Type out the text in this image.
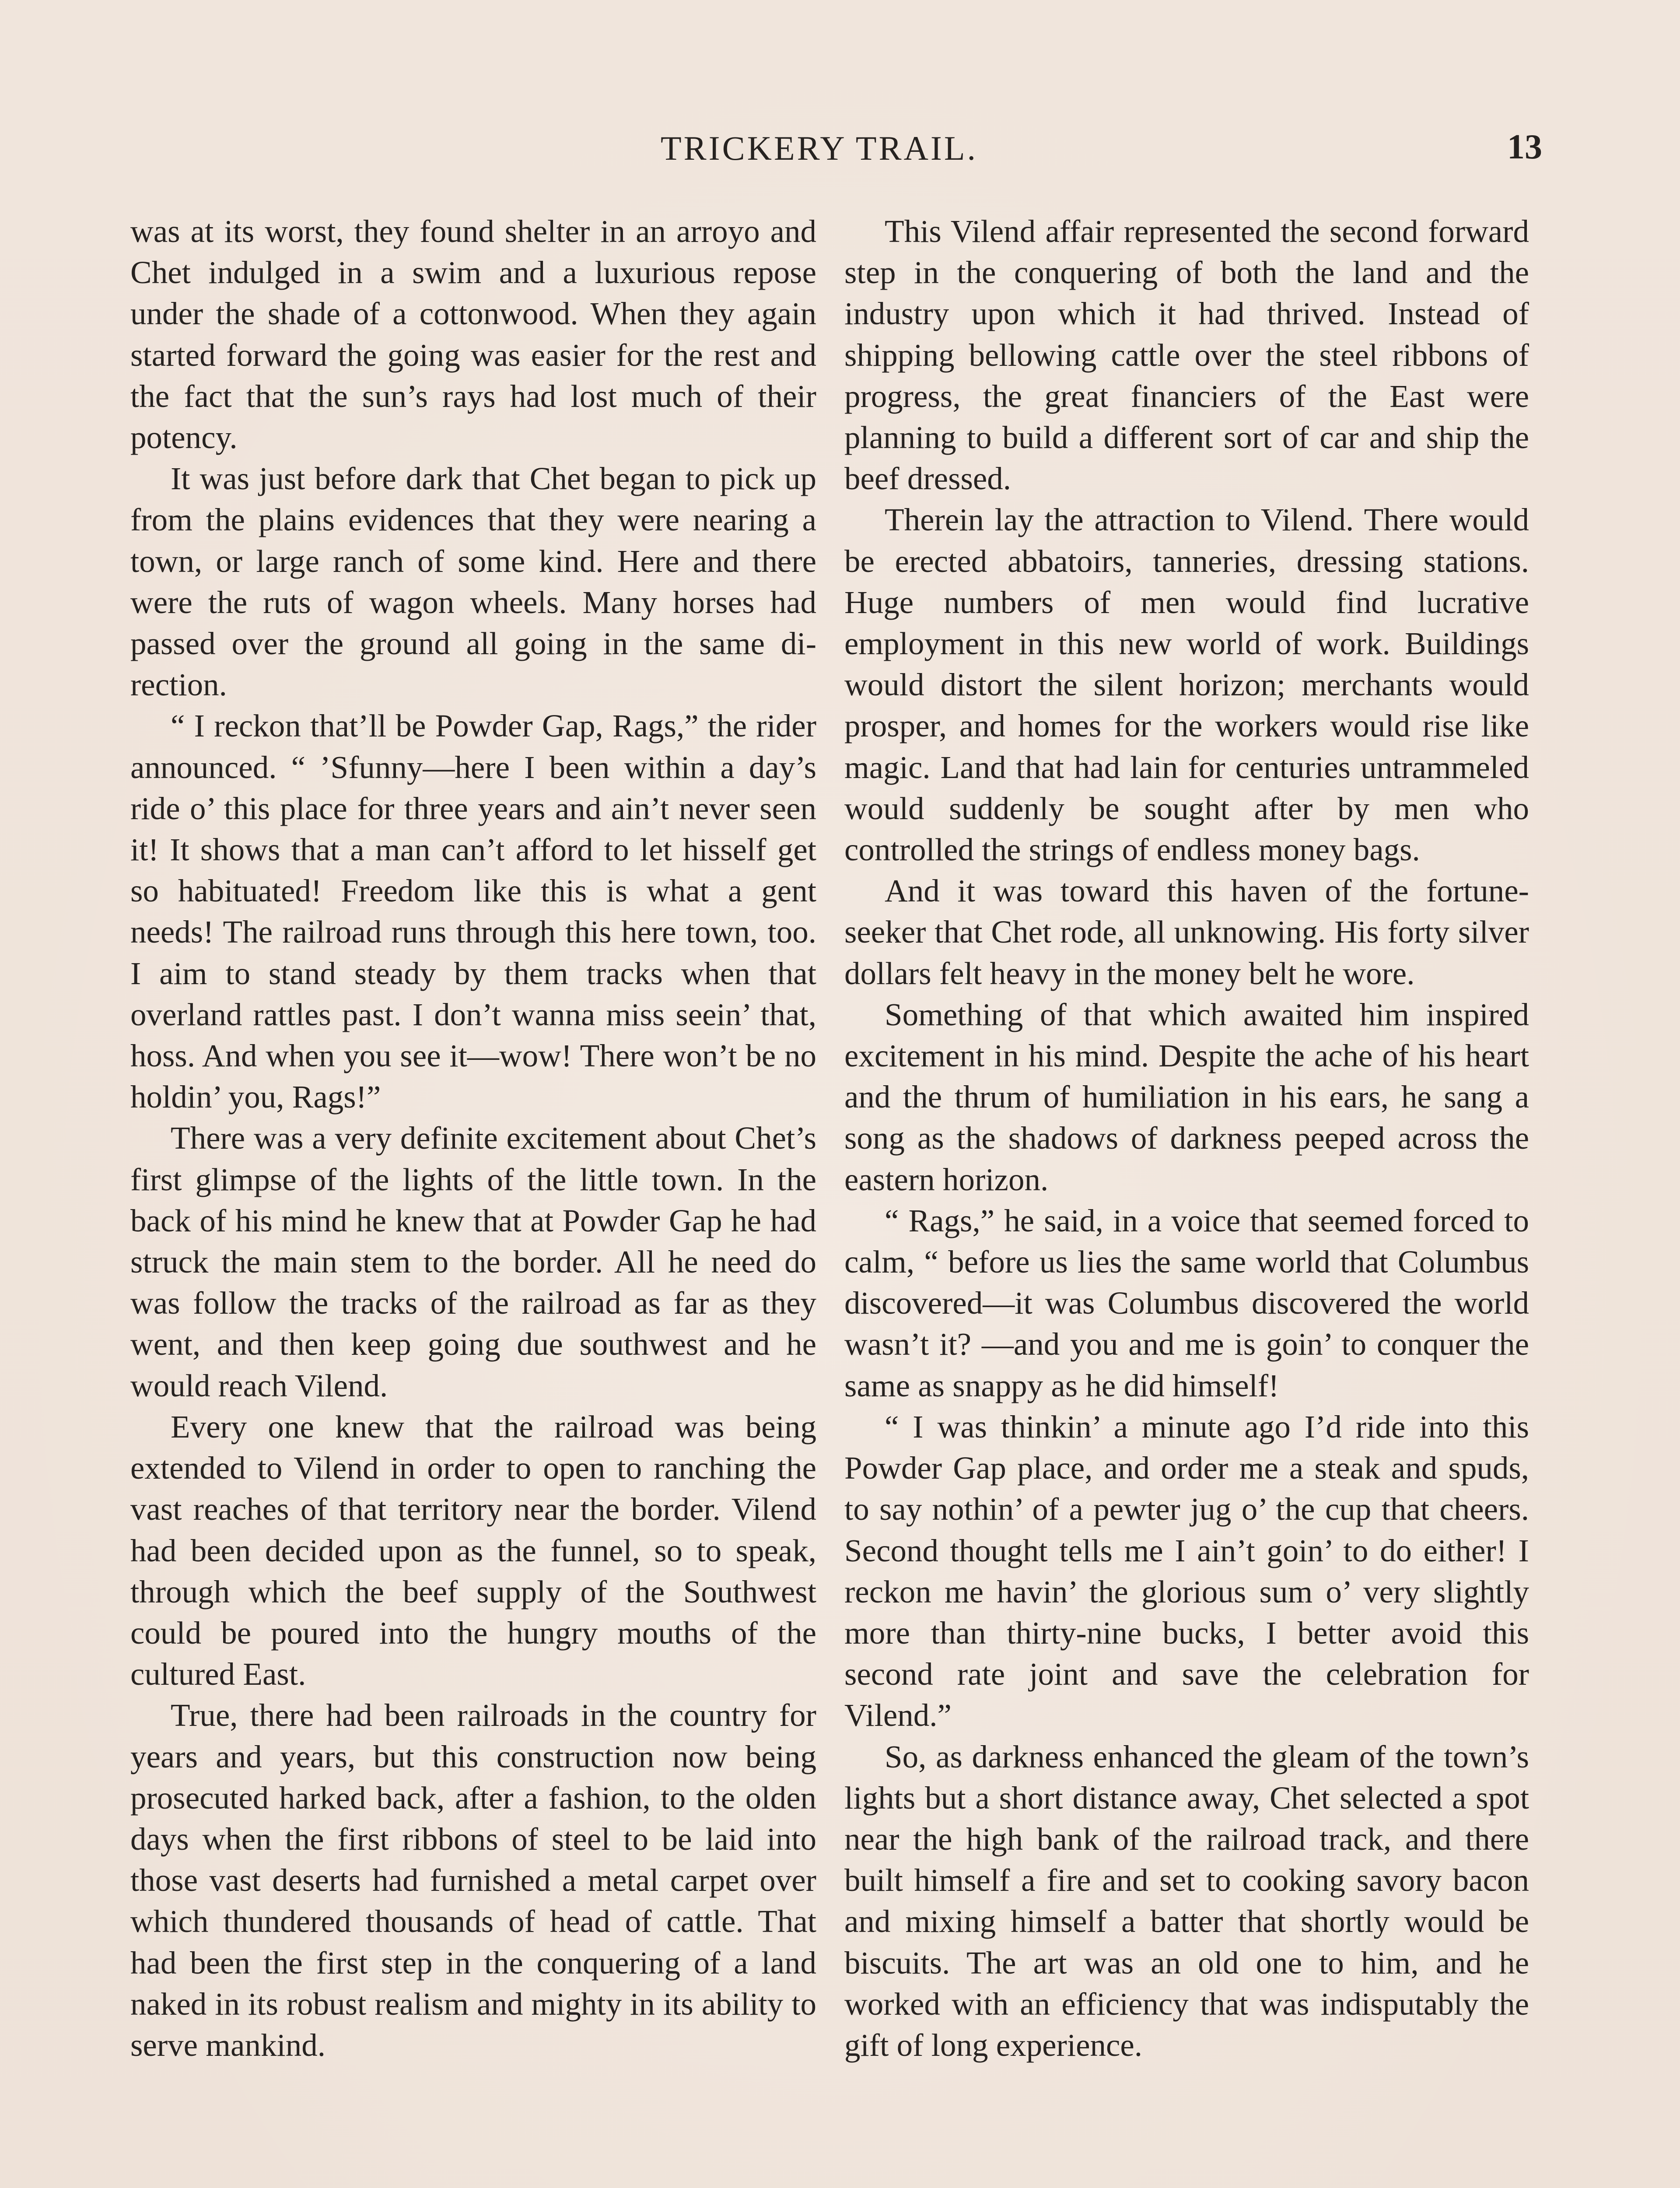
TRICKERY TRAIL.	13

was at its worst, they found shelter in an arroyo and Chet indulged in a swim and a luxurious repose under the shade of a cottonwood. When they again started forward the going was easier for the rest and the fact that the sun’s rays had lost much of their potency.

It was just before dark that Chet began to pick up from the plains evidences that they were nearing a town, or large ranch of some kind. Here and there were the ruts of wagon wheels. Many horses had passed over the ground all going in the same direction.

“ I reckon that’ll be Powder Gap, Rags,” the rider announced. “ ’Sfunny—here I been within a day’s ride o’ this place for three years and ain’t never seen it! It shows that a man can’t afford to let hisself get so habituated! Freedom like this is what a gent needs! The railroad runs through this here town, too. I aim to stand steady by them tracks when that overland rattles past. I don’t wanna miss seein’ that, hoss. And when you see it—wow! There won’t be no holdin’ you, Rags!”

There was a very definite excitement about Chet’s first glimpse of the lights of the little town. In the back of his mind he knew that at Powder Gap he had struck the main stem to the border. All he need do was follow the tracks of the railroad as far as they went, and then keep going due southwest and he would reach Vilend.

Every one knew that the railroad was being extended to Vilend in order to open to ranching the vast reaches of that territory near the border. Vilend had been decided upon as the funnel, so to speak, through which the beef supply of the Southwest could be poured into the hungry mouths of the cultured East.

True, there had been railroads in the country for years and years, but this construction now being prosecuted harked back, after a fashion, to the olden days when the first ribbons of steel to be laid into those vast deserts had furnished a metal carpet over which thundered thousands of head of cattle. That had been the first step in the conquering of a land naked in its robust realism and mighty in its ability to serve mankind.

This Vilend affair represented the second forward step in the conquering of both the land and the industry upon which it had thrived. Instead of shipping bellowing cattle over the steel ribbons of progress, the great financiers of the East were planning to build a different sort of car and ship the beef dressed.

Therein lay the attraction to Vilend. There would be erected abbatoirs, tanneries, dressing stations. Huge numbers of men would find lucrative employment in this new world of work. Buildings would distort the silent horizon; merchants would prosper, and homes for the workers would rise like magic. Land that had lain for centuries untrammeled would suddenly be sought after by men who controlled the strings of endless money bags.

And it was toward this haven of the fortune-seeker that Chet rode, all unknowing. His forty silver dollars felt heavy in the money belt he wore.

Something of that which awaited him inspired excitement in his mind. Despite the ache of his heart and the thrum of humiliation in his ears, he sang a song as the shadows of darkness peeped across the eastern horizon.

“ Rags,” he said, in a voice that seemed forced to calm, “ before us lies the same world that Columbus discovered—it was Columbus discovered the world wasn’t it? —and you and me is goin’ to conquer the same as snappy as he did himself!

“ I was thinkin’ a minute ago I’d ride into this Powder Gap place, and order me a steak and spuds, to say nothin’ of a pewter jug o’ the cup that cheers. Second thought tells me I ain’t goin’ to do either! I reckon me havin’ the glorious sum o’ very slightly more than thirty-nine bucks, I better avoid this second rate joint and save the celebration for Vilend.”

So, as darkness enhanced the gleam of the town’s lights but a short distance away, Chet selected a spot near the high bank of the railroad track, and there built himself a fire and set to cooking savory bacon and mixing himself a batter that shortly would be biscuits. The art was an old one to him, and he worked with an efficiency that was indisputably the gift of long experience.
